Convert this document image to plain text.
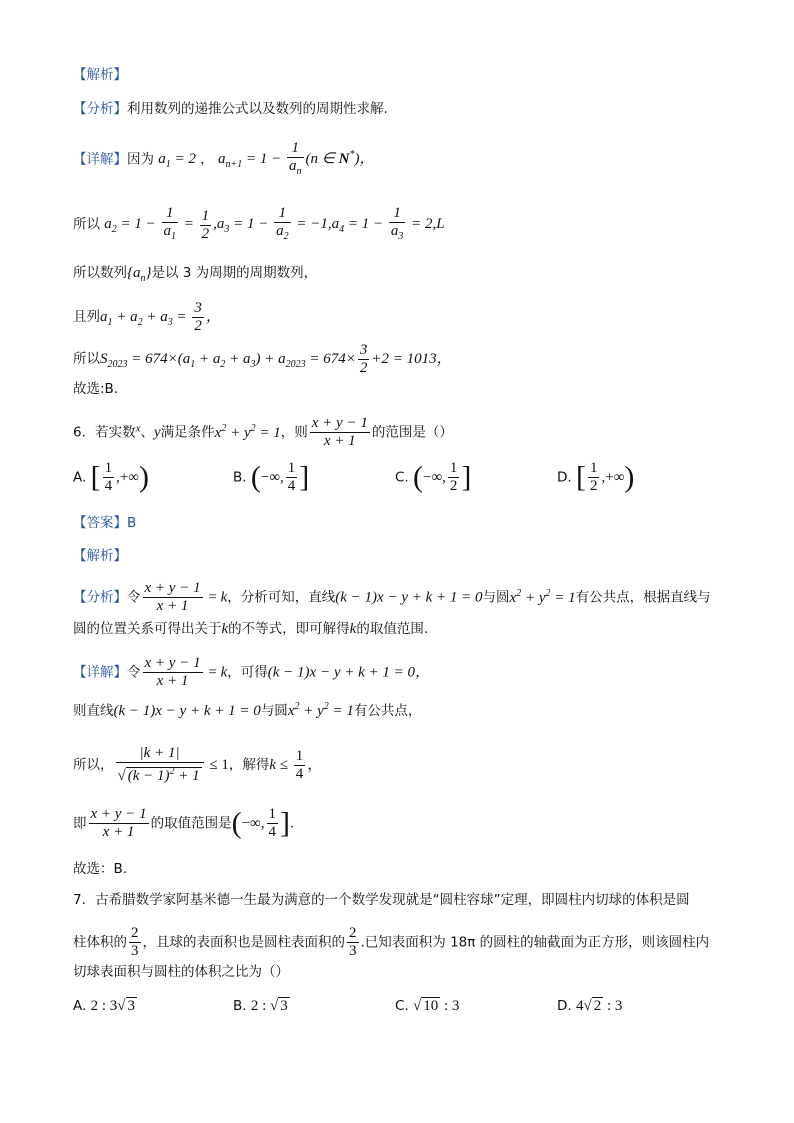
【解析】
【分析】利用数列的递推公式以及数列的周期性求解.
【详解】因为 $a_1 = 2$ ， $a_{n+1} = 1 - \frac{1}{a_n} (n$ ∈ N*)，
所以 $a_2 = 1 - \frac{1}{a_1} = \frac{1}{2} ,a_3 = 1 - \frac{1}{a_2} = -1,a_4 = 1 - \frac{1}{a_3} = 2,L$
所以数列$\{a_n\}$是以 3 为周期的周期数列，
且列$a_1 + a_2 + a_3 = \frac{3}{2}$ ，
所以$S_{2023} = 674\times(a_1 + a_2 + a_3) + a_{2023} = 674\times \frac{3}{2} +2 = 1013$，
故选:B.
6．若实数$^x$、y满足条件$x^2 + y^2 = 1$，则 $\frac{x + y - 1}{x + 1}$ 的范围是（）
A. [ $\frac{1}{4}$ ,+∞)	B. (−∞, $\frac{1}{4}$ ]	C. (−∞, $\frac{1}{2}$ ]	D. [ $\frac{1}{2}$ ,+∞)
【答案】B
【解析】
【分析】令 $\frac{x + y - 1}{x + 1} = k$，分析可知，直线(k − 1)x − y + k + 1 = 0与圆$x^2 + y^2 = 1$有公共点，根据直线与
圆的位置关系可得出关于k的不等式，即可解得k的取值范围.
【详解】令 $\frac{x + y - 1}{x + 1} = k$，可得(k − 1)x − y + k + 1 = 0，
则直线(k − 1)x − y + k + 1 = 0与圆$x^2 + y^2 = 1$有公共点，
所以， $\frac{|k + 1|}{√ (k - 1)^2 + 1} \le 1$，解得$k \le \frac{1}{4}$ ，
即 $\frac{x + y - 1}{x + 1}$ 的取值范围是(−∞, $\frac{1}{4}$ ].
故选：B.
7．古希腊数学家阿基米德一生最为满意的一个数学发现就是“圆柱容球”定理，即圆柱内切球的体积是圆
柱体积的 $\frac{2}{3}$ ，且球的表面积也是圆柱表面积的 $\frac{2}{3}$ .已知表面积为 18π 的圆柱的轴截面为正方形，则该圆柱内
切球表面积与圆柱的体积之比为（）
A. 2 : 3√ 3	B. 2 : √ 3	C. √ 10 : 3	D. 4√ 2 : 3
